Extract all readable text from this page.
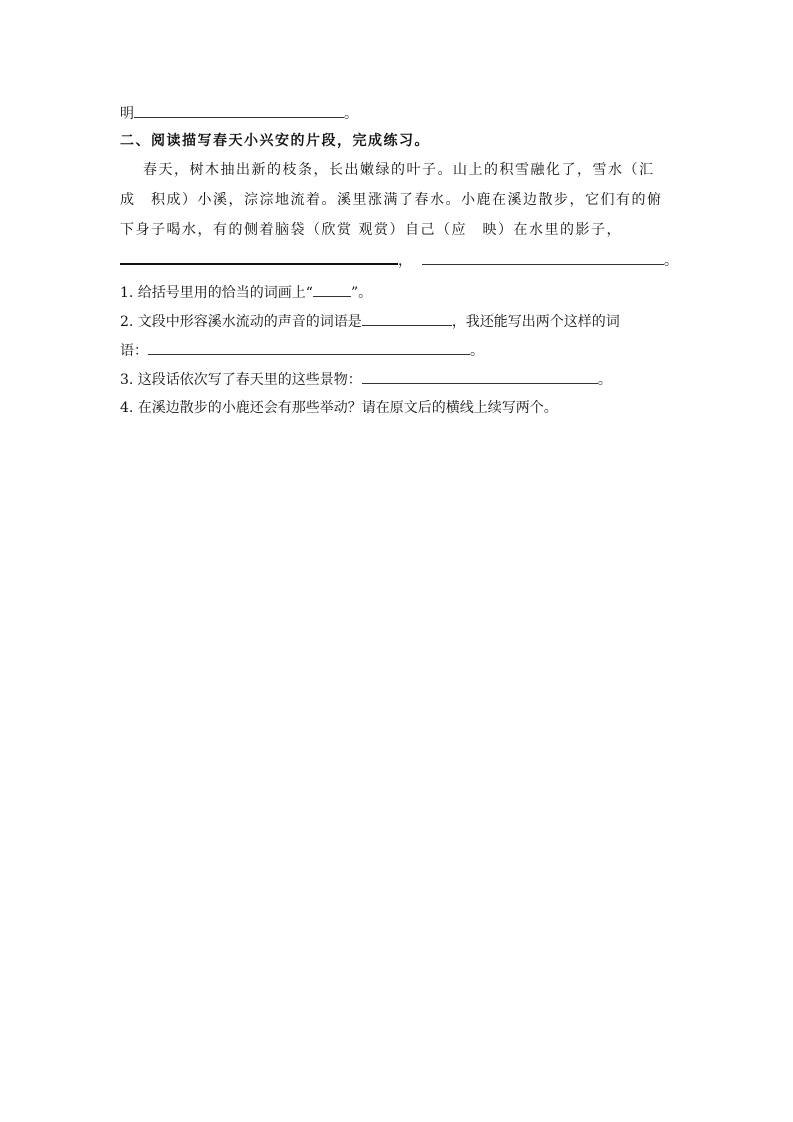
明	。
二、阅读描写春天小兴安的片段，完成练习。
春天，树木抽出新的枝条，长出嫩绿的叶子。山上的积雪融化了，雪水（汇
成　积成）小溪，淙淙地流着。溪里涨满了春水。小鹿在溪边散步，它们有的俯
下身子喝水，有的侧着脑袋（欣赏 观赏）自己（应　映）在水里的影子，
，	。
1. 给括号里用的恰当的词画上“	”。
2. 文段中形容溪水流动的声音的词语是	，我还能写出两个这样的词
语：	。
3. 这段话依次写了春天里的这些景物：	。
4. 在溪边散步的小鹿还会有那些举动？请在原文后的横线上续写两个。
